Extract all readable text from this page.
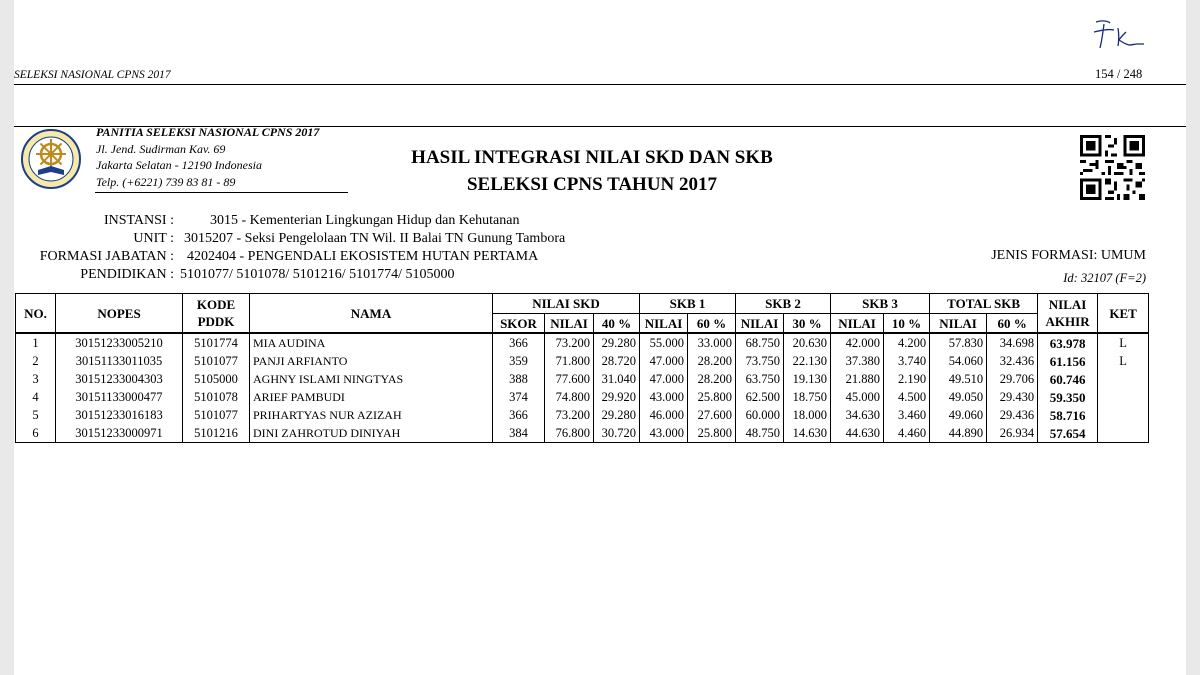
SELEKSI NASIONAL CPNS 2017	154 / 248
PANITIA SELEKSI NASIONAL CPNS 2017
Jl. Jend. Sudirman Kav. 69
Jakarta Selatan - 12190 Indonesia
Telp. (+6221) 739 83 81 - 89
HASIL INTEGRASI NILAI SKD DAN SKB
SELEKSI CPNS TAHUN 2017
INSTANSI :	3015 - Kementerian Lingkungan Hidup dan Kehutanan
UNIT : 3015207 - Seksi Pengelolaan TN Wil. II Balai TN Gunung Tambora
FORMASI JABATAN : 4202404 - PENGENDALI EKOSISTEM HUTAN PERTAMA
PENDIDIKAN : 5101077/ 5101078/ 5101216/ 5101774/ 5105000
JENIS FORMASI: UMUM
Id: 32107 (F=2)
NO.	NOPES	KODE PDDK	NAMA	NILAI SKD			SKB 1		SKB 2		SKB 3		TOTAL SKB		NILAI AKHIR	KET
				SKOR	NILAI	40 %	NILAI	60 %	NILAI	30 %	NILAI	10 %	NILAI	60 %		
1	30151233005210	5101774	MIA AUDINA	366	73.200	29.280	55.000	33.000	68.750	20.630	42.000	4.200	57.830	34.698	63.978	L
2	30151133011035	5101077	PANJI ARFIANTO	359	71.800	28.720	47.000	28.200	73.750	22.130	37.380	3.740	54.060	32.436	61.156	L
3	30151233004303	5105000	AGHNY ISLAMI NINGTYAS	388	77.600	31.040	47.000	28.200	63.750	19.130	21.880	2.190	49.510	29.706	60.746	
4	30151133000477	5101078	ARIEF PAMBUDI	374	74.800	29.920	43.000	25.800	62.500	18.750	45.000	4.500	49.050	29.430	59.350	
5	30151233016183	5101077	PRIHARTYAS NUR AZIZAH	366	73.200	29.280	46.000	27.600	60.000	18.000	34.630	3.460	49.060	29.436	58.716	
6	30151233000971	5101216	DINI ZAHROTUD DINIYAH	384	76.800	30.720	43.000	25.800	48.750	14.630	44.630	4.460	44.890	26.934	57.654	
